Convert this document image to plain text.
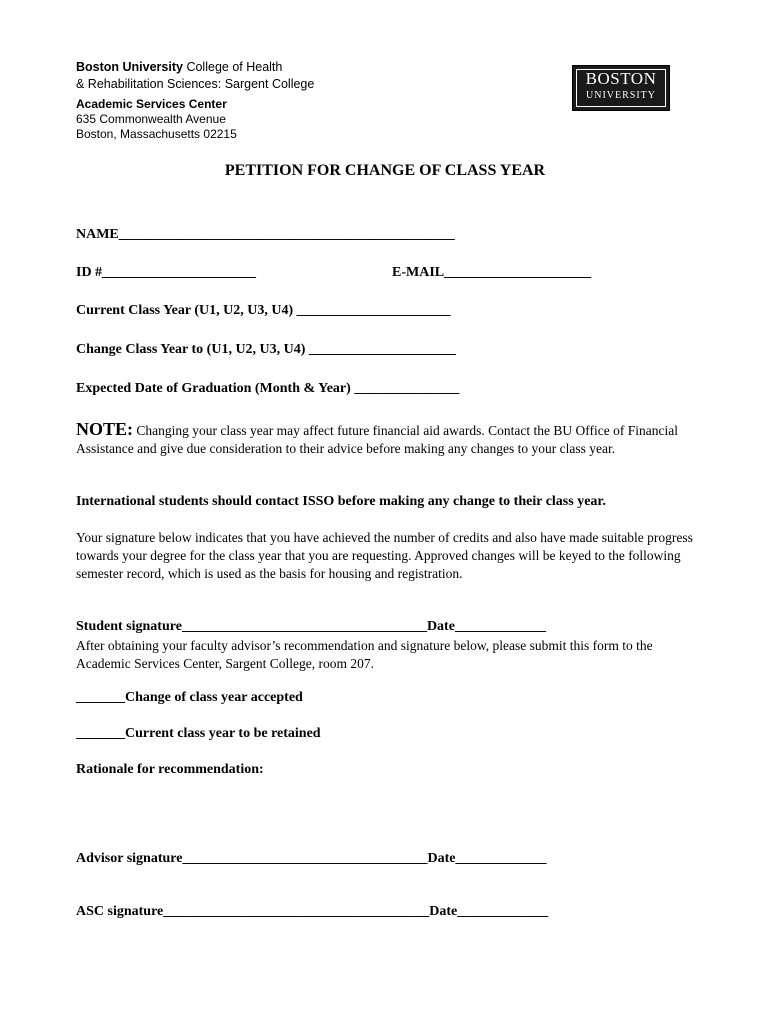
Boston University College of Health
& Rehabilitation Sciences: Sargent College
Academic Services Center
635 Commonwealth Avenue
Boston, Massachusetts 02215
BOSTON
UNIVERSITY
PETITION FOR CHANGE OF CLASS YEAR
NAME________________________________________________
ID #______________________	E-MAIL_____________________
Current Class Year (U1, U2, U3, U4) ______________________
Change Class Year to (U1, U2, U3, U4) _____________________
Expected Date of Graduation (Month & Year) _______________
NOTE: Changing your class year may affect future financial aid awards. Contact the BU Office of Financial Assistance and give due consideration to their advice before making any changes to your class year.
International students should contact ISSO before making any change to their class year.
Your signature below indicates that you have achieved the number of credits and also have made suitable progress towards your degree for the class year that you are requesting. Approved changes will be keyed to the following semester record, which is used as the basis for housing and registration.
Student signature___________________________________Date_____________
After obtaining your faculty advisor’s recommendation and signature below, please submit this form to the Academic Services Center, Sargent College, room 207.
_______Change of class year accepted
_______Current class year to be retained
Rationale for recommendation:
Advisor signature___________________________________Date_____________
ASC signature______________________________________Date_____________
